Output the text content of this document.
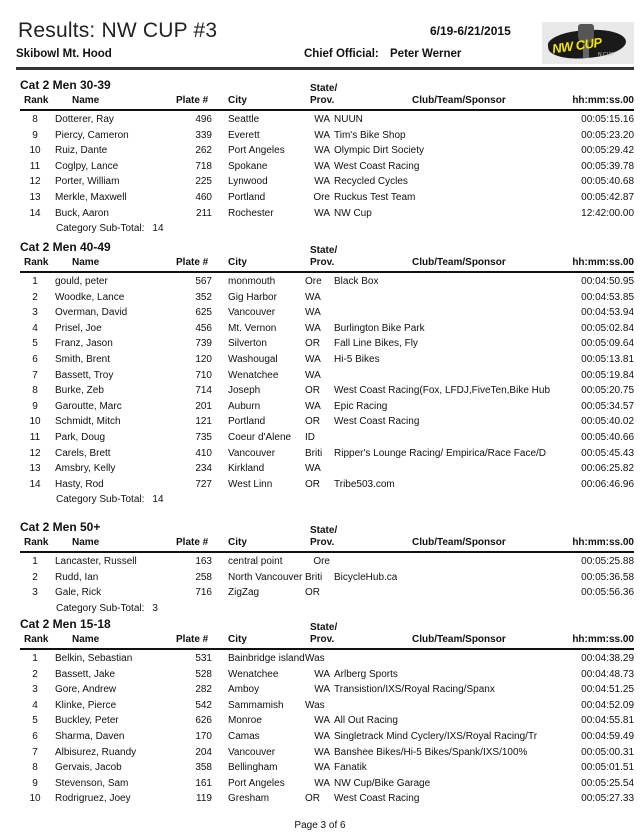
Results: NW CUP #3	6/19-6/21/2015
Skibowl Mt. Hood	Chief Official: Peter Werner	NW CUP
N CUP
Cat 2 Men 30-39
Rank Name	Plate # City
State/
Prov.	Club/Team/Sponsor	hh:mm:ss.00
8	Dotterer, Ray	496 Seattle	WA NUUN	00:05:15.16
9	Piercy, Cameron	339 Everett	WA Tim's Bike Shop	00:05:23.20
10	Ruiz, Dante	262 Port Angeles	WA Olympic Dirt Society	00:05:29.42
11	Coglpy, Lance	718 Spokane	WA West Coast Racing	00:05:39.78
12	Porter, William	225 Lynwood	WA Recycled Cycles	00:05:40.68
13	Merkle, Maxwell	460 Portland	Ore Ruckus Test Team	00:05:42.87
14	Buck, Aaron	211 Rochester	WA NW Cup	12:42:00.00
Category Sub-Total: 14
Cat 2 Men 40-49
Rank Name	Plate # City
State/
Prov.	Club/Team/Sponsor	hh:mm:ss.00
1	gould, peter	567 monmouth	Ore Black Box	00:04:50.95
2	Woodke, Lance	352 Gig Harbor	WA	00:04:53.85
3	Overman, David	625 Vancouver	WA	00:04:53.94
4	Prisel, Joe	456 Mt. Vernon	WA Burlington Bike Park	00:05:02.84
5	Franz, Jason	739 Silverton	OR Fall Line Bikes, Fly	00:05:09.64
6	Smith, Brent	120 Washougal	WA Hi-5 Bikes	00:05:13.81
7	Bassett, Troy	710 Wenatchee	WA	00:05:19.84
8	Burke, Zeb	714 Joseph	OR West Coast Racing(Fox, LFDJ,FiveTen,Bike Hub	00:05:20.75
9	Garoutte, Marc	201 Auburn	WA Epic Racing	00:05:34.57
10	Schmidt, Mitch	121 Portland	OR West Coast Racing	00:05:40.02
11	Park, Doug	735 Coeur d'Alene ID	00:05:40.66
12	Carels, Brett	410 Vancouver	Briti Ripper's Lounge Racing/ Empirica/Race Face/D	00:05:45.43
13	Amsbry, Kelly	234 Kirkland	WA	00:06:25.82
14	Hasty, Rod	727 West Linn	OR Tribe503.com	00:06:46.96
Category Sub-Total: 14
Cat 2 Men 50+
Rank Name	Plate # City
State/
Prov.	Club/Team/Sponsor	hh:mm:ss.00
1	Lancaster, Russell	163 central point	Ore	00:05:25.88
2	Rudd, Ian	258 North Vancouver Briti BicycleHub.ca	00:05:36.58
3	Gale, Rick	716 ZigZag	OR	00:05:56.36
Category Sub-Total: 3
Cat 2 Men 15-18
Rank Name	Plate # City
State/
Prov.	Club/Team/Sponsor	hh:mm:ss.00
1	Belkin, Sebastian	531 Bainbridge island Was	00:04:38.29
2	Bassett, Jake	528 Wenatchee	WA Arlberg Sports	00:04:48.73
3	Gore, Andrew	282 Amboy	WA Transistion/IXS/Royal Racing/Spanx	00:04:51.25
4	Klinke, Pierce	542 Sammamish Was	00:04:52.09
5	Buckley, Peter	626 Monroe	WA All Out Racing	00:04:55.81
6	Sharma, Daven	170 Camas	WA Singletrack Mind Cyclery/IXS/Royal Racing/Tr	00:04:59.49
7	Albisurez, Ruandy	204 Vancouver	WA Banshee Bikes/Hi-5 Bikes/Spank/IXS/100%	00:05:00.31
8	Gervais, Jacob	358 Bellingham	WA Fanatik	00:05:01.51
9	Stevenson, Sam	161 Port Angeles	WA NW Cup/Bike Garage	00:05:25.54
10	Rodrigruez, Joey	119 Gresham	OR West Coast Racing	00:05:27.33
Page 3 of 6
